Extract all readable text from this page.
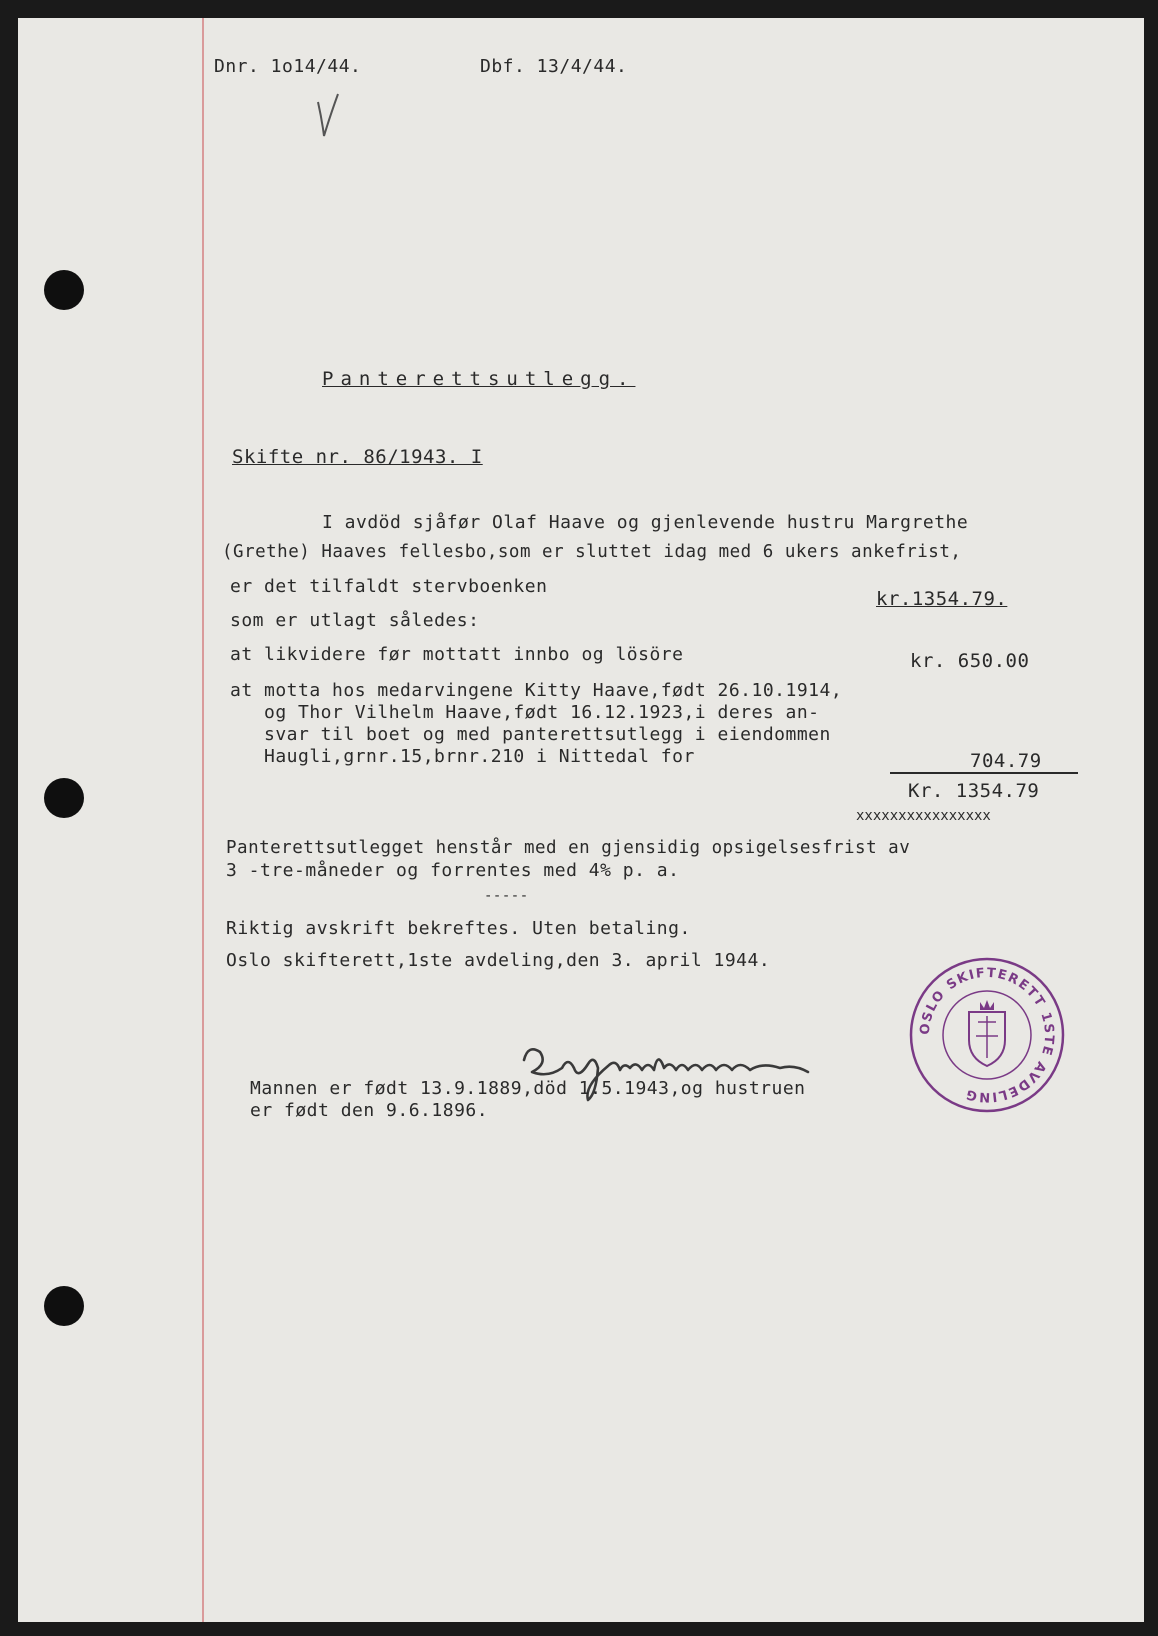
Dnr. 1o14/44.	Dbf. 13/4/44.
Panterettsutlegg.
Skifte nr. 86/1943. I
I avdöd sjåfør Olaf Haave og gjenlevende hustru Margrethe
(Grethe) Haaves fellesbo,som er sluttet idag med 6 ukers ankefrist,
er det tilfaldt stervboenken
kr.1354.79.
som er utlagt således:
at likvidere før mottatt innbo og lösöre	kr. 650.00
at motta hos medarvingene Kitty Haave,født 26.10.1914,
og Thor Vilhelm Haave,født 16.12.1923,i deres an-
svar til boet og med panterettsutlegg i eiendommen
Haugli,grnr.15,brnr.210 i Nittedal for	704.79
Kr. 1354.79
xxxxxxxxxxxxxxxx
Panterettsutlegget henstår med en gjensidig opsigelsesfrist av
3 -tre-måneder og forrentes med 4% p. a.
-----
Riktig avskrift bekreftes. Uten betaling.
Oslo skifterett,1ste avdeling,den 3. april 1944.
OSLO SKIFTERETT 1STE AVDELING
Mannen er født 13.9.1889,död 1.5.1943,og hustruen
er født den 9.6.1896.
